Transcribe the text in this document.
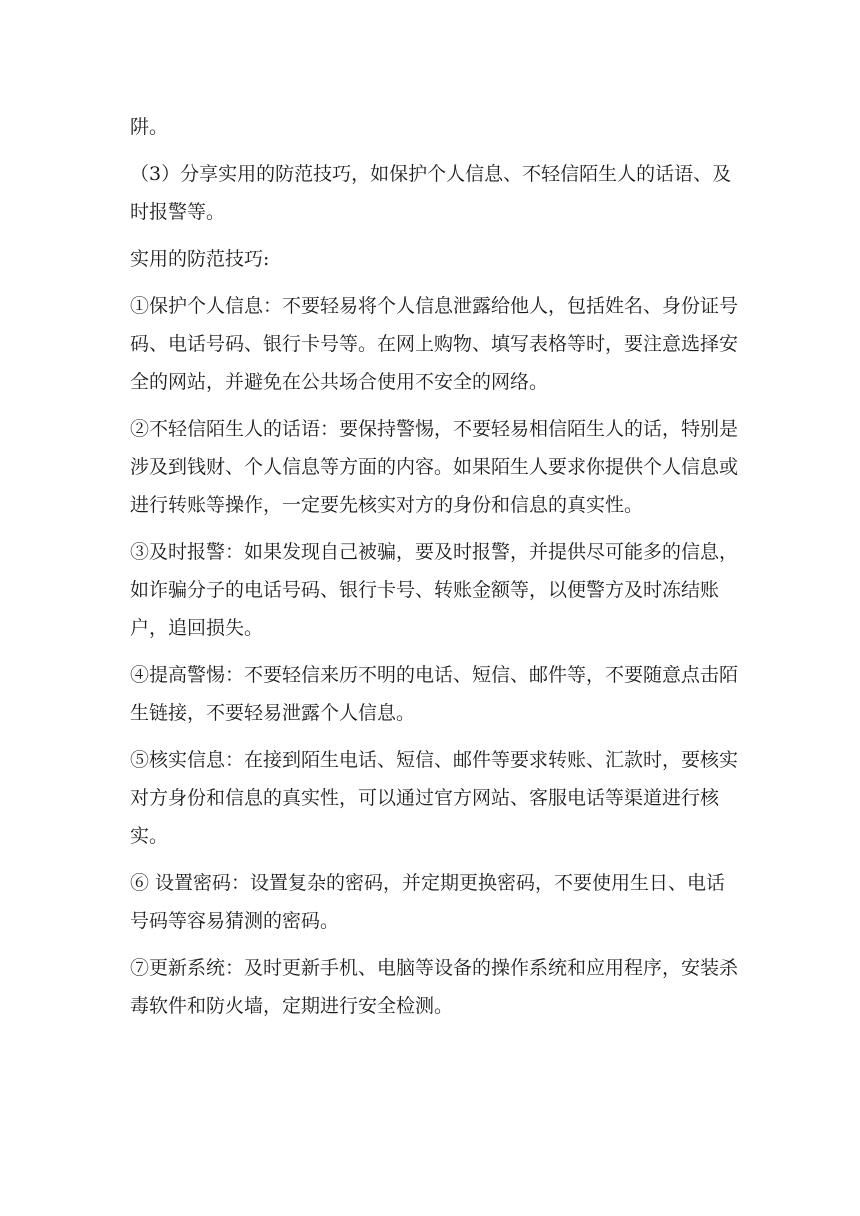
阱。

（3）分享实用的防范技巧，如保护个人信息、不轻信陌生人的话语、及时报警等。

实用的防范技巧:

①保护个人信息：不要轻易将个人信息泄露给他人，包括姓名、身份证号码、电话号码、银行卡号等。在网上购物、填写表格等时，要注意选择安全的网站，并避免在公共场合使用不安全的网络。

②不轻信陌生人的话语：要保持警惕，不要轻易相信陌生人的话，特别是涉及到钱财、个人信息等方面的内容。如果陌生人要求你提供个人信息或进行转账等操作，一定要先核实对方的身份和信息的真实性。

③及时报警：如果发现自己被骗，要及时报警，并提供尽可能多的信息，如诈骗分子的电话号码、银行卡号、转账金额等，以便警方及时冻结账户，追回损失。

④提高警惕：不要轻信来历不明的电话、短信、邮件等，不要随意点击陌生链接，不要轻易泄露个人信息。

⑤核实信息：在接到陌生电话、短信、邮件等要求转账、汇款时，要核实对方身份和信息的真实性，可以通过官方网站、客服电话等渠道进行核实。

⑥ 设置密码：设置复杂的密码，并定期更换密码，不要使用生日、电话号码等容易猜测的密码。

⑦更新系统：及时更新手机、电脑等设备的操作系统和应用程序，安装杀毒软件和防火墙，定期进行安全检测。
